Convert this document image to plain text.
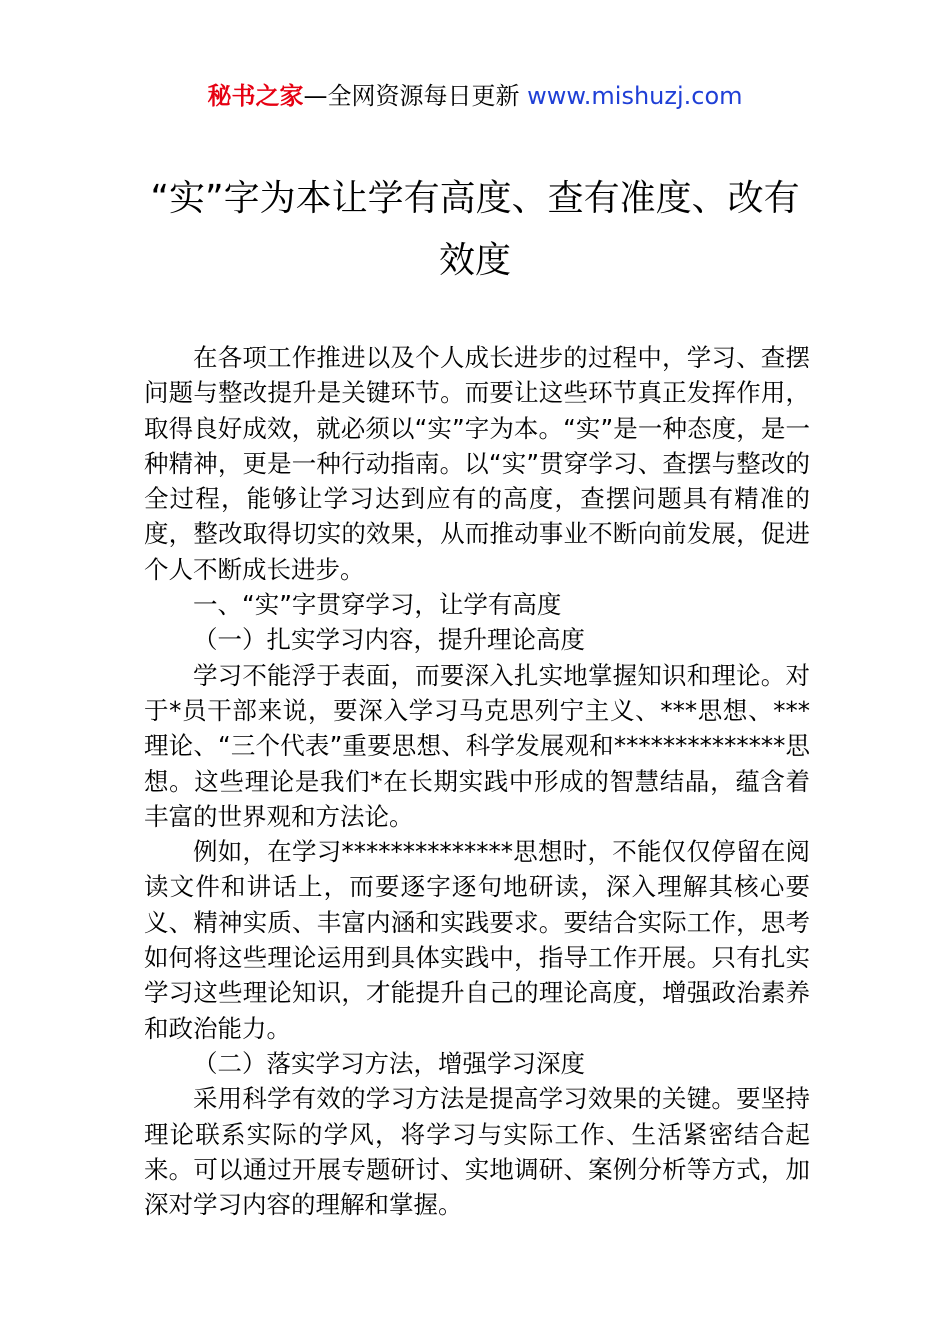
秘书之家—全网资源每日更新 www.mishuzj.com
“实”字为本让学有高度、查有准度、改有效度

在各项工作推进以及个人成长进步的过程中，学习、查摆问题与整改提升是关键环节。而要让这些环节真正发挥作用，取得良好成效，就必须以“实”字为本。“实”是一种态度，是一种精神，更是一种行动指南。以“实”贯穿学习、查摆与整改的全过程，能够让学习达到应有的高度，查摆问题具有精准的度，整改取得切实的效果，从而推动事业不断向前发展，促进个人不断成长进步。

一、“实”字贯穿学习，让学有高度

（一）扎实学习内容，提升理论高度

学习不能浮于表面，而要深入扎实地掌握知识和理论。对于*员干部来说，要深入学习马克思列宁主义、***思想、***理论、“三个代表”重要思想、科学发展观和**************思想。这些理论是我们*在长期实践中形成的智慧结晶，蕴含着丰富的世界观和方法论。

例如，在学习**************思想时，不能仅仅停留在阅读文件和讲话上，而要逐字逐句地研读，深入理解其核心要义、精神实质、丰富内涵和实践要求。要结合实际工作，思考如何将这些理论运用到具体实践中，指导工作开展。只有扎实学习这些理论知识，才能提升自己的理论高度，增强政治素养和政治能力。

（二）落实学习方法，增强学习深度

采用科学有效的学习方法是提高学习效果的关键。要坚持理论联系实际的学风，将学习与实际工作、生活紧密结合起来。可以通过开展专题研讨、实地调研、案例分析等方式，加深对学习内容的理解和掌握。
